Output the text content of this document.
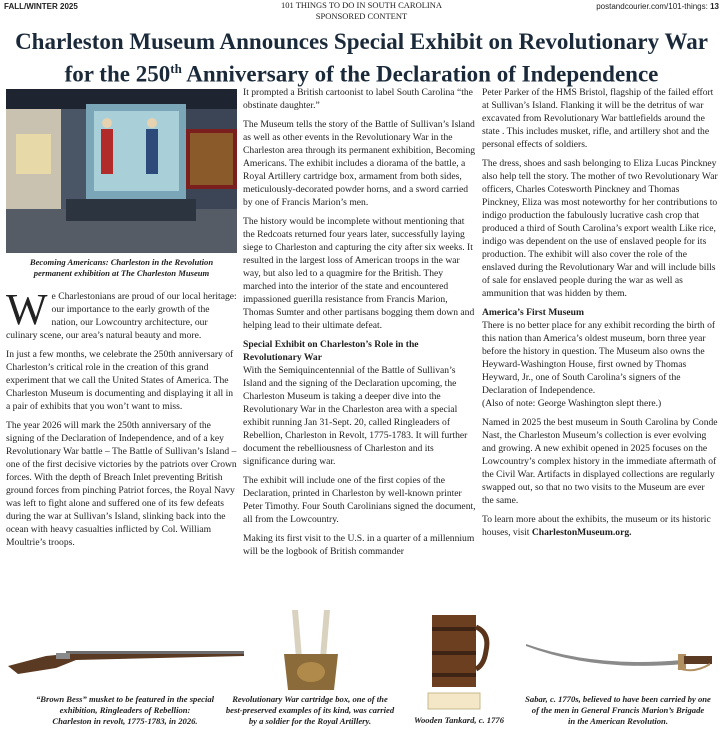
FALL/WINTER 2025	101 THINGS TO DO IN SOUTH CAROLINA
SPONSORED CONTENT
postandcourier.com/101-things: 13
Charleston Museum Announces Special Exhibit on Revolutionary War
for the 250th Anniversary of the Declaration of Independence
Becoming Americans: Charleston in the Revolution
permanent exhibition at The Charleston Museum

We Charlestonians are proud of our local heritage: our importance to the early growth of the nation, our Lowcountry architecture, our culinary scene, our area’s natural beauty and more.

In just a few months, we celebrate the 250th anniversary of Charleston’s critical role in the creation of this grand experiment that we call the United States of America. The Charleston Museum is documenting and displaying it all in a pair of exhibits that you won’t want to miss.

The year 2026 will mark the 250th anniversary of the signing of the Declaration of Independence, and of a key Revolutionary War battle – The Battle of Sullivan’s Island – one of the first decisive victories by the patriots over Crown forces. With the depth of Breach Inlet preventing British ground forces from pinching Patriot forces, the Royal Navy was left to fight alone and suffered one of its few defeats during the war at Sullivan’s Island, slinking back into the ocean with heavy casualties inflicted by Col. William Moultrie’s troops.

It prompted a British cartoonist to label South Carolina “the obstinate daughter.”

The Museum tells the story of the Battle of Sullivan’s Island as well as other events in the Revolutionary War in the Charleston area through its permanent exhibition, Becoming Americans. The exhibit includes a diorama of the battle, a Royal Artillery cartridge box, armament from both sides, meticulously-decorated powder horns, and a sword carried by one of Francis Marion’s men.

The history would be incomplete without mentioning that the Redcoats returned four years later, successfully laying siege to Charleston and capturing the city after six weeks. It resulted in the largest loss of American troops in the war way, but also led to a quagmire for the British. They marched into the interior of the state and encountered impassioned guerilla resistance from Francis Marion, Thomas Sumter and other partisans bogging them down and helping lead to their ultimate defeat.

Special Exhibit on Charleston’s Role in the Revolutionary War

With the Semiquincentennial of the Battle of Sullivan’s Island and the signing of the Declaration upcoming, the Charleston Museum is taking a deeper dive into the Revolutionary War in the Charleston area with a special exhibit running Jan 31-Sept. 20, called Ringleaders of Rebellion, Charleston in Revolt, 1775-1783. It will further document the rebelliousness of Charleston and its significance during war.

The exhibit will include one of the first copies of the Declaration, printed in Charleston by well-known printer Peter Timothy. Four South Carolinians signed the document, all from the Lowcountry.

Making its first visit to the U.S. in a quarter of a millennium will be the logbook of British commander

Peter Parker of the HMS Bristol, flagship of the failed effort at Sullivan’s Island. Flanking it will be the detritus of war excavated from Revolutionary War battlefields around the state . This includes musket, rifle, and artillery shot and the personal effects of soldiers.

The dress, shoes and sash belonging to Eliza Lucas Pinckney also help tell the story. The mother of two Revolutionary War officers, Charles Cotesworth Pinckney and Thomas Pinckney, Eliza was most noteworthy for her contributions to indigo production the fabulously lucrative cash crop that produced a third of South Carolina’s export wealth Like rice, indigo was dependent on the use of enslaved people for its production. The exhibit will also cover the role of the enslaved during the Revolutionary War and will include bills of sale for enslaved people during the war as well as ammunition that was hidden by them.

America’s First Museum

There is no better place for any exhibit recording the birth of this nation than America’s oldest museum, born three year before the history in question. The Museum also owns the Heyward-Washington House, first owned by Thomas Heyward, Jr., one of South Carolina’s signers of the Declaration of Independence.

(Also of note: George Washington slept there.)

Named in 2025 the best museum in South Carolina by Conde Nast, the Charleston Museum’s collection is ever evolving and growing. A new exhibit opened in 2025 focuses on the Lowcountry’s complex history in the immediate aftermath of the Civil War. Artifacts in displayed collections are regularly swapped out, so that no two visits to the Museum are ever the same.

To learn more about the exhibits, the museum or its historic houses, visit CharlestonMuseum.org.

“Brown Bess” musket to be featured in the special
exhibition, Ringleaders of Rebellion:
Charleston in revolt, 1775-1783, in 2026.
Revolutionary War cartridge box, one of the
best-preserved examples of its kind, was carried
by a soldier for the Royal Artillery.	Wooden Tankard, c. 1776
Sabar, c. 1770s, believed to have been carried by one
of the men in General Francis Marion’s Brigade
in the American Revolution.
